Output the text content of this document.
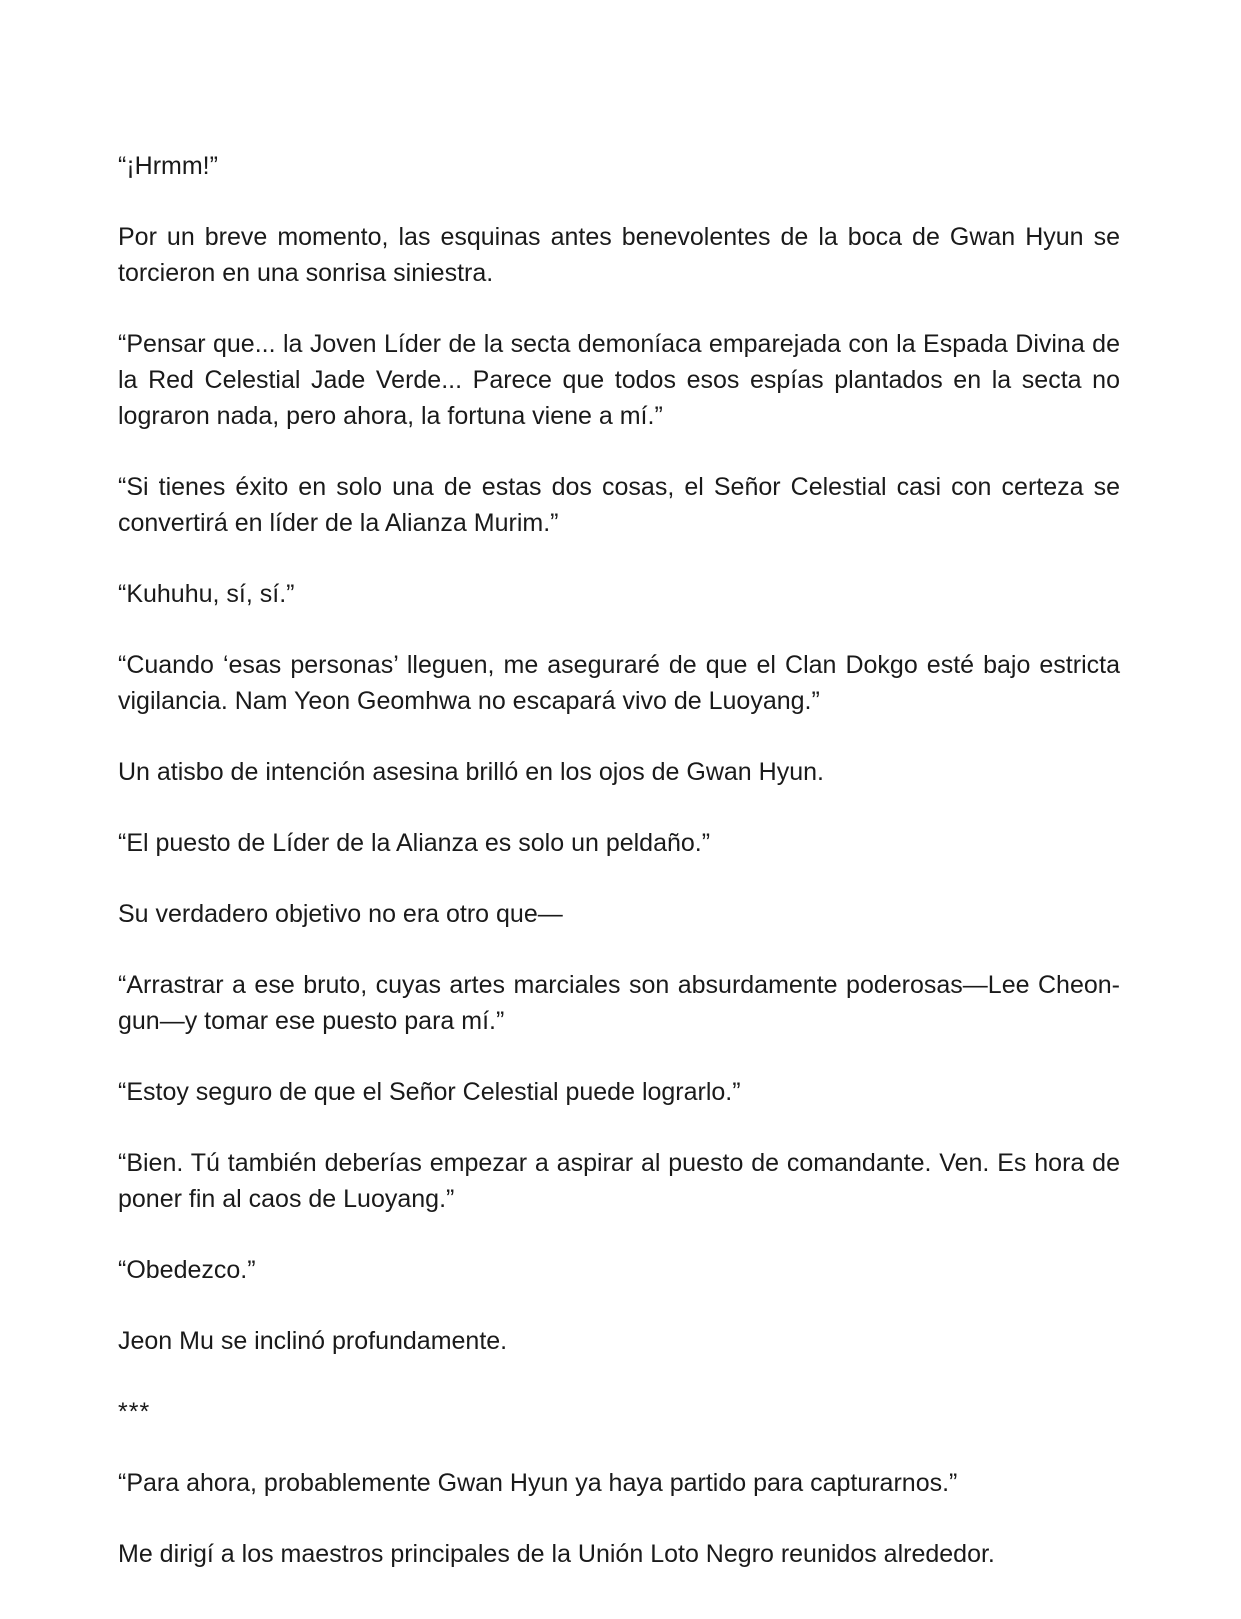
“¡Hrmm!”

Por un breve momento, las esquinas antes benevolentes de la boca de Gwan Hyun se torcieron en una sonrisa siniestra.

“Pensar que... la Joven Líder de la secta demoníaca emparejada con la Espada Divina de la Red Celestial Jade Verde... Parece que todos esos espías plantados en la secta no lograron nada, pero ahora, la fortuna viene a mí.”

“Si tienes éxito en solo una de estas dos cosas, el Señor Celestial casi con certeza se convertirá en líder de la Alianza Murim.”

“Kuhuhu, sí, sí.”

“Cuando ‘esas personas’ lleguen, me aseguraré de que el Clan Dokgo esté bajo estricta vigilancia. Nam Yeon Geomhwa no escapará vivo de Luoyang.”

Un atisbo de intención asesina brilló en los ojos de Gwan Hyun.

“El puesto de Líder de la Alianza es solo un peldaño.”

Su verdadero objetivo no era otro que—

“Arrastrar a ese bruto, cuyas artes marciales son absurdamente poderosas—Lee Cheon-gun—y tomar ese puesto para mí.”

“Estoy seguro de que el Señor Celestial puede lograrlo.”

“Bien. Tú también deberías empezar a aspirar al puesto de comandante. Ven. Es hora de poner fin al caos de Luoyang.”

“Obedezco.”

Jeon Mu se inclinó profundamente.

***

“Para ahora, probablemente Gwan Hyun ya haya partido para capturarnos.”

Me dirigí a los maestros principales de la Unión Loto Negro reunidos alrededor.
